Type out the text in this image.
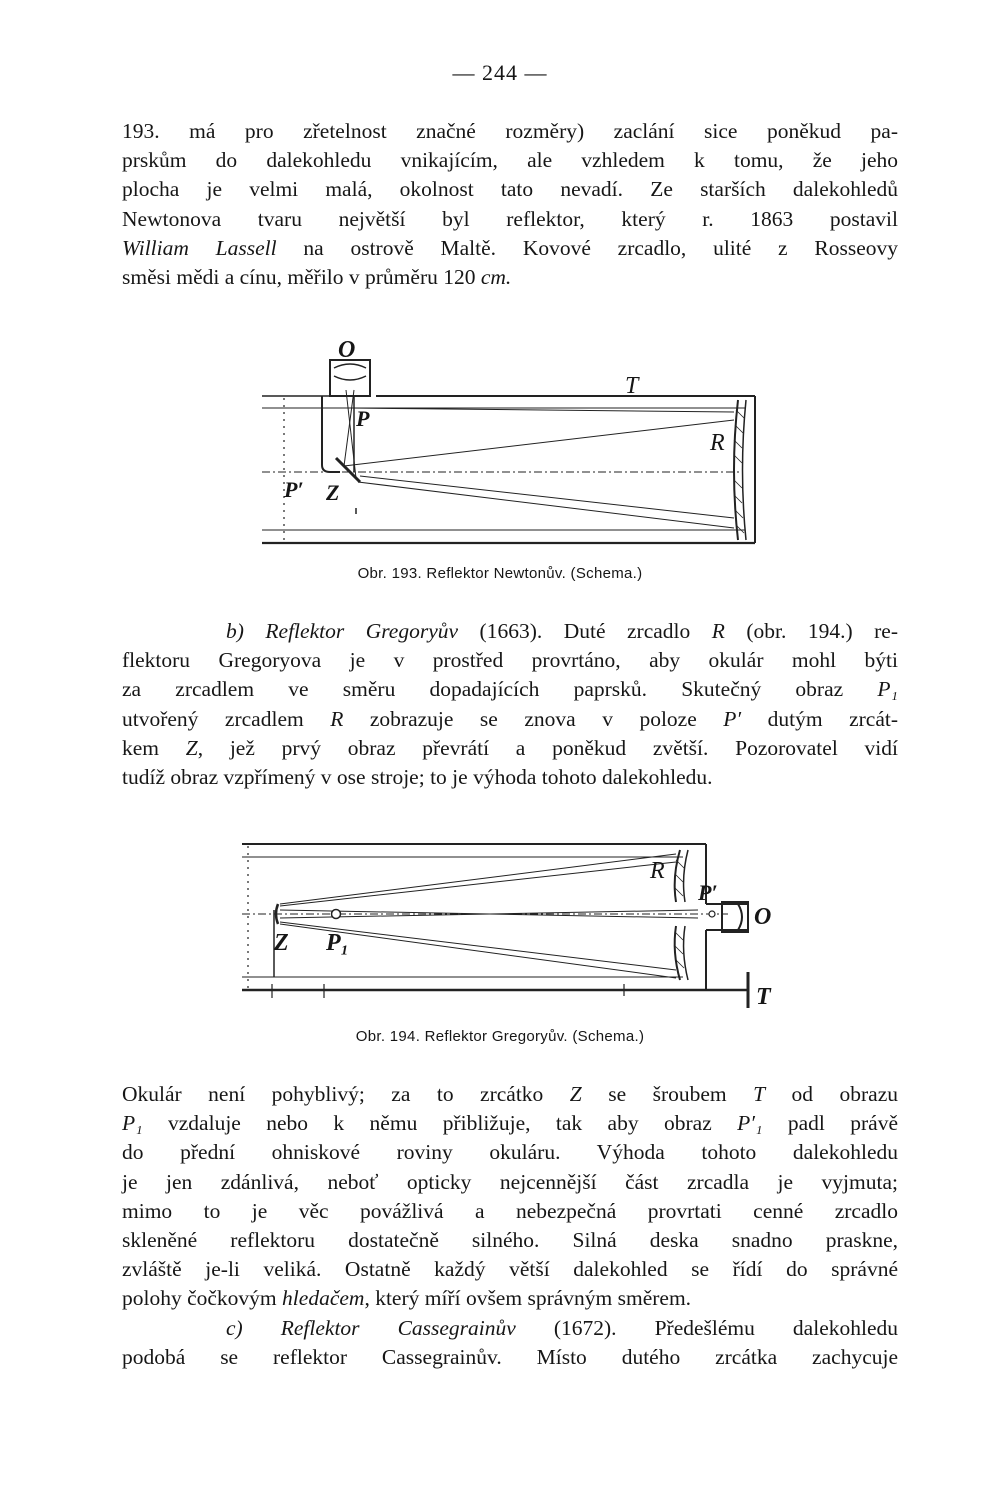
— 244 —
193. má pro zřetelnost značné rozměry) zaclání sice poněkud pa-
prskům do dalekohledu vnikajícím, ale vzhledem k tomu, že jeho
plocha je velmi malá, okolnost tato nevadí. Ze starších dalekohledů
Newtonova tvaru největší byl reflektor, který r. 1863 postavil
William Lassell na ostrově Maltě. Kovové zrcadlo, ulité z Rosseovy
směsi mědi a cínu, měřilo v průměru 120 cm.
O
T
P
R
P′ Z
Obr. 193. Reflektor Newtonův. (Schema.)
b) Reflektor Gregoryův (1663). Duté zrcadlo R (obr. 194.) re-
flektoru Gregoryova je v prostřed provrtáno, aby okulár mohl býti
za zrcadlem ve směru dopadajících paprsků. Skutečný obraz P₁
utvořený zrcadlem R zobrazuje se znova v poloze P′ dutým zrcát-
kem Z, jež prvý obraz převrátí a poněkud zvětší. Pozorovatel vidí
tudíž obraz vzpřímený v ose stroje; to je výhoda tohoto dalekohledu.
R
P′
O
Z P₁
T
Obr. 194. Reflektor Gregoryův. (Schema.)
Okulár není pohyblivý; za to zrcátko Z se šroubem T od obrazu
P₁ vzdaluje nebo k němu přibližuje, tak aby obraz P′₁ padl právě
do přední ohniskové roviny okuláru. Výhoda tohoto dalekohledu
je jen zdánlivá, neboť opticky nejcennější část zrcadla je vyjmuta;
mimo to je věc povážlivá a nebezpečná provrtati cenné zrcadlo
skleněné reflektoru dostatečně silného. Silná deska snadno praskne,
zvláště je-li veliká. Ostatně každý větší dalekohled se řídí do správné
polohy čočkovým hledačem, který míří ovšem správným směrem.
c) Reflektor Cassegrainův (1672). Předešlému dalekohledu
podobá se reflektor Cassegrainův. Místo dutého zrcátka zachycuje
